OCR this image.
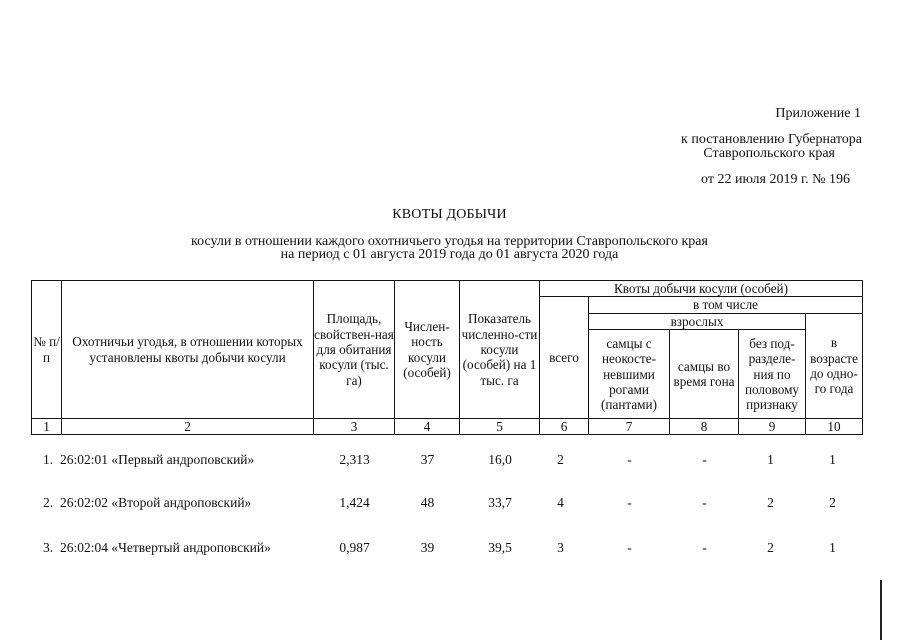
Приложение 1
к постановлению Губернатора
Ставропольского края
от 22 июля 2019 г. № 196
КВОТЫ ДОБЫЧИ
косули в отношении каждого охотничьего угодья на территории Ставропольского края
на период с 01 августа 2019 года до 01 августа 2020 года
№ п/п	Охотничьи угодья, в отношении которых установлены квоты добычи косули	Площадь, свойствен-ная для обитания косули (тыс. га)	Числен-ность косули (особей)	Показатель численно-сти косули (особей) на 1 тыс. га	Квоты добычи косули (особей)				
					всего	в том числе			
						взрослых			в возрасте до одно-го года
						самцы с неокосте-невшими рогами (пантами)	самцы во время гона	без под-разделе-ния по половому признаку	
1	2	3	4	5	6	7	8	9	10
1. 26:02:01 «Первый андроповский»	2,313	37	16,0	2	-	-	1	1
2. 26:02:02 «Второй андроповский»	1,424	48	33,7	4	-	-	2	2
3. 26:02:04 «Четвертый андроповский»	0,987	39	39,5	3	-	-	2	1
